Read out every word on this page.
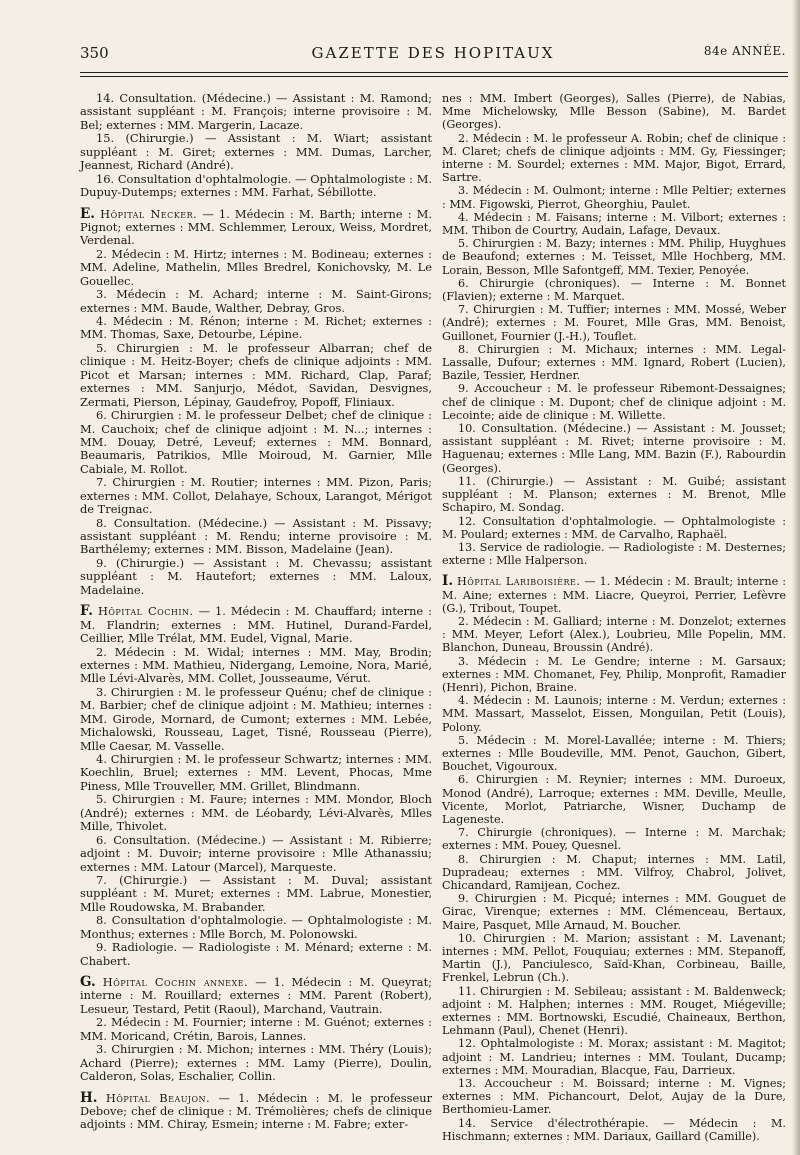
350	GAZETTE DES HOPITAUX	84e ANNÉE.

14. Consultation. (Médecine.) — Assistant : M. Ramond; assistant suppléant : M. François; interne provisoire : M. Bel; externes : MM. Margerin, Lacaze.

15. (Chirurgie.) — Assistant : M. Wiart; assistant suppléant : M. Giret; externes : MM. Dumas, Larcher, Jeannest, Richard (André).

16. Consultation d'ophtalmologie. — Ophtalmologiste : M. Dupuy-Dutemps; externes : MM. Farhat, Sébillotte.

E. Hôpital Necker. — 1. Médecin : M. Barth; interne : M. Pignot; externes : MM. Schlemmer, Leroux, Weiss, Mordret, Verdenal.

2. Médecin : M. Hirtz; internes : M. Bodineau; externes : MM. Adeline, Mathelin, Mlles Bredrel, Konichovsky, M. Le Gouellec.

3. Médecin : M. Achard; interne : M. Saint-Girons; externes : MM. Baude, Walther, Debray, Gros.

4. Médecin : M. Rénon; interne : M. Richet; externes : MM. Thomas, Saxe, Detourbe, Lépine.

5. Chirurgien : M. le professeur Albarran; chef de clinique : M. Heitz-Boyer; chefs de clinique adjoints : MM. Picot et Marsan; internes : MM. Richard, Clap, Paraf; externes : MM. Sanjurjo, Médot, Savidan, Desvignes, Zermati, Pierson, Lépinay, Gaudefroy, Popoff, Fliniaux.

6. Chirurgien : M. le professeur Delbet; chef de clinique : M. Cauchoix; chef de clinique adjoint : M. N...; internes : MM. Douay, Detré, Leveuf; externes : MM. Bonnard, Beaumaris, Patrikios, Mlle Moiroud, M. Garnier, Mlle Cabiale, M. Rollot.

7. Chirurgien : M. Routier; internes : MM. Pizon, Paris; externes : MM. Collot, Delahaye, Schoux, Larangot, Mérigot de Treignac.

8. Consultation. (Médecine.) — Assistant : M. Pissavy; assistant suppléant : M. Rendu; interne provisoire : M. Barthélemy; externes : MM. Bisson, Madelaine (Jean).

9. (Chirurgie.) — Assistant : M. Chevassu; assistant suppléant : M. Hautefort; externes : MM. Laloux, Madelaine.

F. Hôpital Cochin. — 1. Médecin : M. Chauffard; interne : M. Flandrin; externes : MM. Hutinel, Durand-Fardel, Ceillier, Mlle Trélat, MM. Eudel, Vignal, Marie.

2. Médecin : M. Widal; internes : MM. May, Brodin; externes : MM. Mathieu, Nidergang, Lemoine, Nora, Marié, Mlle Lévi-Alvarès, MM. Collet, Jousseaume, Vérut.

3. Chirurgien : M. le professeur Quénu; chef de clinique : M. Barbier; chef de clinique adjoint : M. Mathieu; internes : MM. Girode, Mornard, de Cumont; externes : MM. Lebée, Michalowski, Rousseau, Laget, Tisné, Rousseau (Pierre), Mlle Caesar, M. Vasselle.

4. Chirurgien : M. le professeur Schwartz; internes : MM. Koechlin, Bruel; externes : MM. Levent, Phocas, Mme Piness, Mlle Trouveller, MM. Grillet, Blindmann.

5. Chirurgien : M. Faure; internes : MM. Mondor, Bloch (André); externes : MM. de Léobardy, Lévi-Alvarès, Mlles Mille, Thivolet.

6. Consultation. (Médecine.) — Assistant : M. Ribierre; adjoint : M. Duvoir; interne provisoire : Mlle Athanassiu; externes : MM. Latour (Marcel), Marqueste.

7. (Chirurgie.) — Assistant : M. Duval; assistant suppléant : M. Muret; externes : MM. Labrue, Monestier, Mlle Roudowska, M. Brabander.

8. Consultation d'ophtalmologie. — Ophtalmologiste : M. Monthus; externes : Mlle Borch, M. Polonowski.

9. Radiologie. — Radiologiste : M. Ménard; externe : M. Chabert.

G. Hôpital Cochin annexe. — 1. Médecin : M. Queyrat; interne : M. Rouillard; externes : MM. Parent (Robert), Lesueur, Testard, Petit (Raoul), Marchand, Vautrain.

2. Médecin : M. Fournier; interne : M. Guénot; externes : MM. Moricand, Crétin, Barois, Lannes.

3. Chirurgien : M. Michon; internes : MM. Théry (Louis); Achard (Pierre); externes : MM. Lamy (Pierre), Doulin, Calderon, Solas, Eschalier, Collin.

H. Hôpital Beaujon. — 1. Médecin : M. le professeur Debove; chef de clinique : M. Trémolières; chefs de clinique adjoints : MM. Chiray, Esmein; interne : M. Fabre; exter-

nes : MM. Imbert (Georges), Salles (Pierre), de Nabias, Mme Michelowsky, Mlle Besson (Sabine), M. Bardet (Georges).

2. Médecin : M. le professeur A. Robin; chef de clinique : M. Claret; chefs de clinique adjoints : MM. Gy, Fiessinger; interne : M. Sourdel; externes : MM. Major, Bigot, Errard, Sartre.

3. Médecin : M. Oulmont; interne : Mlle Peltier; externes : MM. Figowski, Pierrot, Gheorghiu, Paulet.

4. Médecin : M. Faisans; interne : M. Vilbort; externes : MM. Thibon de Courtry, Audain, Lafage, Devaux.

5. Chirurgien : M. Bazy; internes : MM. Philip, Huyghues de Beaufond; externes : M. Teisset, Mlle Hochberg, MM. Lorain, Besson, Mlle Safontgeff, MM. Texier, Penoyée.

6. Chirurgie (chroniques). — Interne : M. Bonnet (Flavien); externe : M. Marquet.

7. Chirurgien : M. Tuffier; internes : MM. Mossé, Weber (André); externes : M. Fouret, Mlle Gras, MM. Benoist, Guillonet, Fournier (J.-H.), Touflet.

8. Chirurgien : M. Michaux; internes : MM. Legal-Lassalle, Dufour; externes : MM. Ignard, Robert (Lucien), Bazile, Tessier, Herdner.

9. Accoucheur : M. le professeur Ribemont-Dessaignes; chef de clinique : M. Dupont; chef de clinique adjoint : M. Lecointe; aide de clinique : M. Willette.

10. Consultation. (Médecine.) — Assistant : M. Jousset; assistant suppléant : M. Rivet; interne provisoire : M. Haguenau; externes : Mlle Lang, MM. Bazin (F.), Rabourdin (Georges).

11. (Chirurgie.) — Assistant : M. Guibé; assistant suppléant : M. Planson; externes : M. Brenot, Mlle Schapiro, M. Sondag.

12. Consultation d'ophtalmologie. — Ophtalmologiste : M. Poulard; externes : MM. de Carvalho, Raphaël.

13. Service de radiologie. — Radiologiste : M. Desternes; externe : Mlle Halperson.

I. Hôpital Lariboisière. — 1. Médecin : M. Brault; interne : M. Aine; externes : MM. Liacre, Queyroi, Perrier, Lefèvre (G.), Tribout, Toupet.

2. Médecin : M. Galliard; interne : M. Donzelot; externes : MM. Meyer, Lefort (Alex.), Loubrieu, Mlle Popelin, MM. Blanchon, Duneau, Broussin (André).

3. Médecin : M. Le Gendre; interne : M. Garsaux; externes : MM. Chomanet, Fey, Philip, Monprofit, Ramadier (Henri), Pichon, Braine.

4. Médecin : M. Launois; interne : M. Verdun; externes : MM. Massart, Masselot, Eissen, Monguilan, Petit (Louis), Polony.

5. Médecin : M. Morel-Lavallée; interne : M. Thiers; externes : Mlle Boudeville, MM. Penot, Gauchon, Gibert, Bouchet, Vigouroux.

6. Chirurgien : M. Reynier; internes : MM. Duroeux, Monod (André), Larroque; externes : MM. Deville, Meulle, Vicente, Morlot, Patriarche, Wisner, Duchamp de Lageneste.

7. Chirurgie (chroniques). — Interne : M. Marchak; externes : MM. Pouey, Quesnel.

8. Chirurgien : M. Chaput; internes : MM. Latil, Dupradeau; externes : MM. Vilfroy, Chabrol, Jolivet, Chicandard, Ramijean, Cochez.

9. Chirurgien : M. Picqué; internes : MM. Gouguet de Girac, Virenque; externes : MM. Clémenceau, Bertaux, Maire, Pasquet, Mlle Arnaud, M. Boucher.

10. Chirurgien : M. Marion; assistant : M. Lavenant; internes : MM. Pellot, Fouquiau; externes : MM. Stepanoff, Martin (J.), Panciulesco, Saïd-Khan, Corbineau, Baille, Frenkel, Lebrun (Ch.).

11. Chirurgien : M. Sebileau; assistant : M. Baldenweck; adjoint : M. Halphen; internes : MM. Rouget, Miégeville; externes : MM. Bortnowski, Escudié, Chaineaux, Berthon, Lehmann (Paul), Chenet (Henri).

12. Ophtalmologiste : M. Morax; assistant : M. Magitot; adjoint : M. Landrieu; internes : MM. Toulant, Ducamp; externes : MM. Mouradian, Blacque, Fau, Darrieux.

13. Accoucheur : M. Boissard; interne : M. Vignes; externes : MM. Pichancourt, Delot, Aujay de la Dure, Berthomieu-Lamer.

14. Service d'électrothérapie. — Médecin : M. Hischmann; externes : MM. Dariaux, Gaillard (Camille).
